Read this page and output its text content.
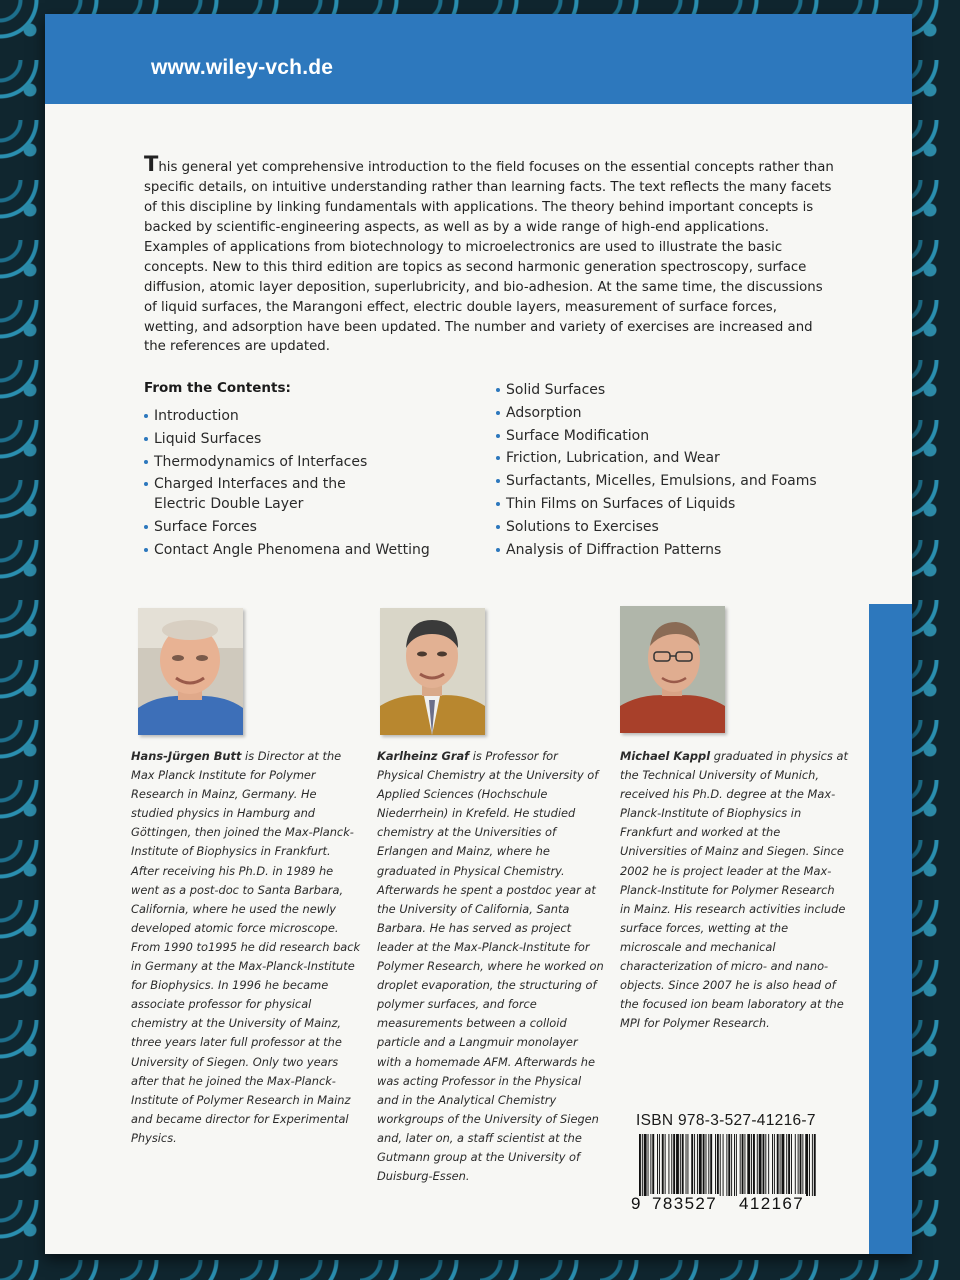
www.wiley-vch.de

This general yet comprehensive introduction to the field focuses on the essential concepts rather than specific details, on intuitive understanding rather than learning facts. The text reflects the many facets of this discipline by linking fundamentals with applications. The theory behind important concepts is backed by scientific-engineering aspects, as well as by a wide range of high-end applications. Examples of applications from biotechnology to microelectronics are used to illustrate the basic concepts. New to this third edition are topics as second harmonic generation spectroscopy, surface diffusion, atomic layer deposition, superlubricity, and bio-adhesion. At the same time, the discussions of liquid surfaces, the Marangoni effect, electric double layers, measurement of surface forces, wetting, and adsorption have been updated. The number and variety of exercises are increased and the references are updated.

From the Contents:
Introduction
Liquid Surfaces
Thermodynamics of Interfaces
Charged Interfaces and the Electric Double Layer
Surface Forces
Contact Angle Phenomena and Wetting
Solid Surfaces
Adsorption
Surface Modification
Friction, Lubrication, and Wear
Surfactants, Micelles, Emulsions, and Foams
Thin Films on Surfaces of Liquids
Solutions to Exercises
Analysis of Diffraction Patterns

Hans-Jürgen Butt is Director at the Max Planck Institute for Polymer Research in Mainz, Germany. He studied physics in Hamburg and Göttingen, then joined the Max-Planck-Institute of Biophysics in Frankfurt. After receiving his Ph.D. in 1989 he went as a post-doc to Santa Barbara, California, where he used the newly developed atomic force microscope. From 1990 to1995 he did research back in Germany at the Max-Planck-Institute for Biophysics. In 1996 he became associate professor for physical chemistry at the University of Mainz, three years later full professor at the University of Siegen. Only two years after that he joined the Max-Planck-Institute of Polymer Research in Mainz and became director for Experimental Physics.

Karlheinz Graf is Professor for Physical Chemistry at the University of Applied Sciences (Hochschule Niederrhein) in Krefeld. He studied chemistry at the Universities of Erlangen and Mainz, where he graduated in Physical Chemistry. Afterwards he spent a postdoc year at the University of California, Santa Barbara. He has served as project leader at the Max-Planck-Institute for Polymer Research, where he worked on droplet evaporation, the structuring of polymer surfaces, and force measurements between a colloid particle and a Langmuir monolayer with a homemade AFM. Afterwards he was acting Professor in the Physical and in the Analytical Chemistry workgroups of the University of Siegen and, later on, a staff scientist at the Gutmann group at the University of Duisburg-Essen.

Michael Kappl graduated in physics at the Technical University of Munich, received his Ph.D. degree at the Max-Planck-Institute of Biophysics in Frankfurt and worked at the Universities of Mainz and Siegen. Since 2002 he is project leader at the Max-Planck-Institute for Polymer Research in Mainz. His research activities include surface forces, wetting at the microscale and mechanical characterization of micro- and nano-objects. Since 2007 he is also head of the focused ion beam laboratory at the MPI for Polymer Research.

ISBN 978-3-527-41216-7
9 783527 412167
